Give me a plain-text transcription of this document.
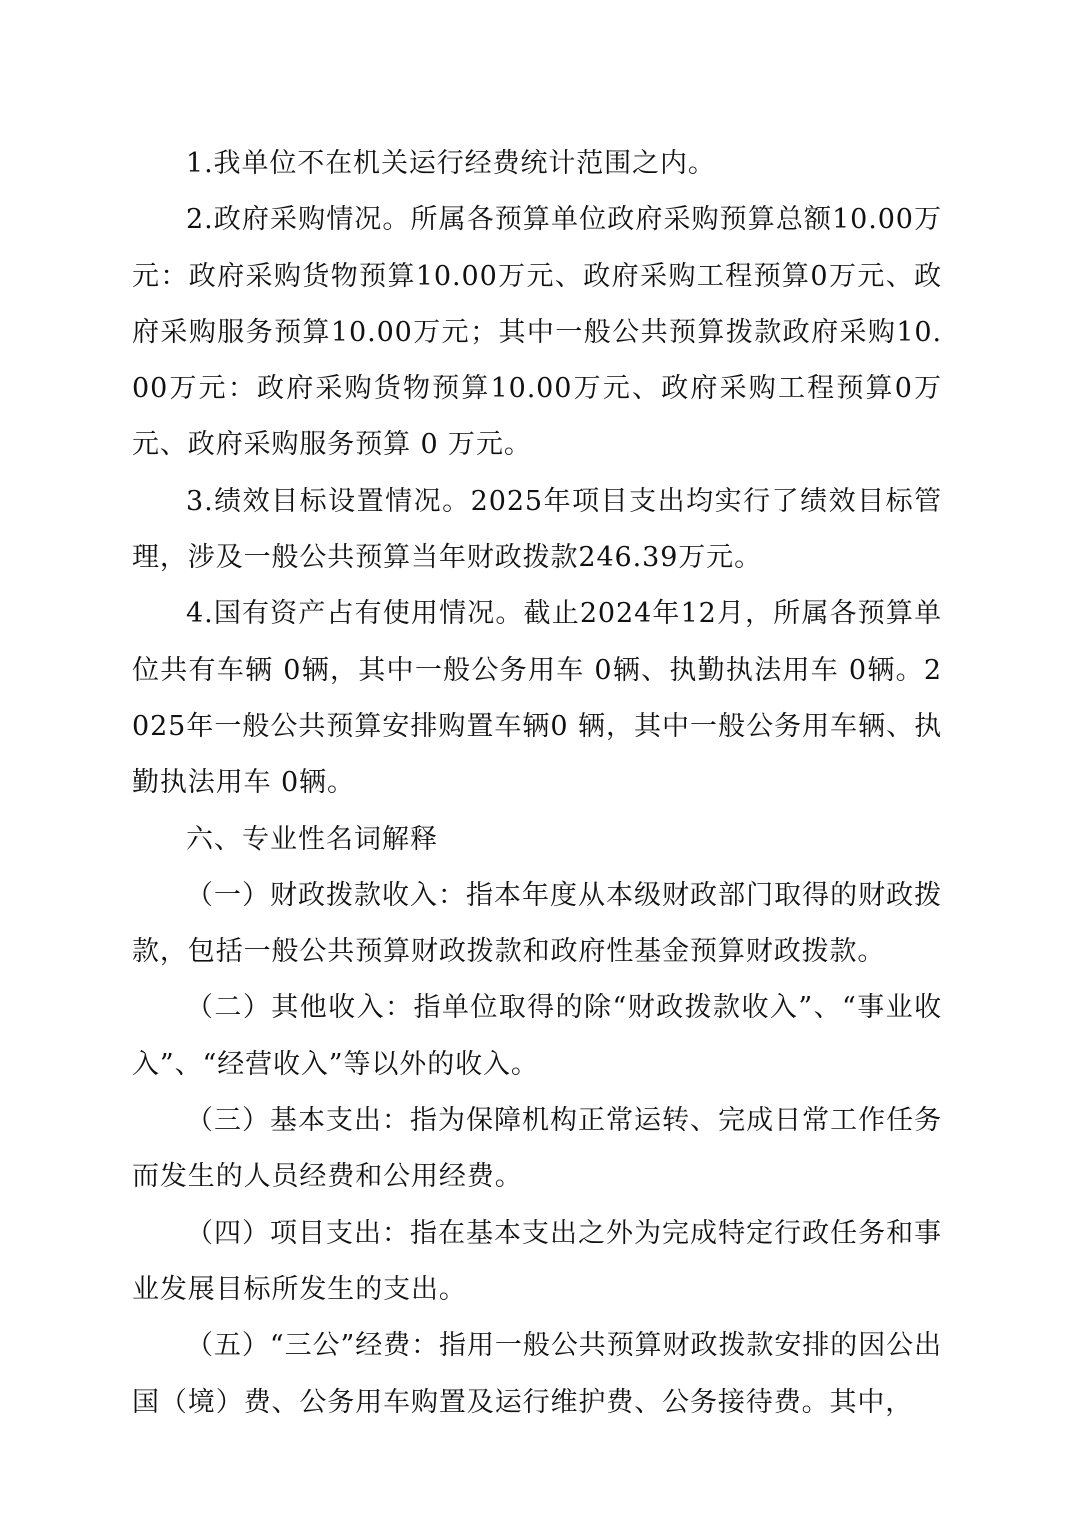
1.我单位不在机关运行经费统计范围之内。

2.政府采购情况。所属各预算单位政府采购预算总额10.00万元：政府采购货物预算10.00万元、政府采购工程预算0万元、政府采购服务预算10.00万元；其中一般公共预算拨款政府采购10.00万元：政府采购货物预算10.00万元、政府采购工程预算0万元、政府采购服务预算 0 万元。

3.绩效目标设置情况。2025年项目支出均实行了绩效目标管理，涉及一般公共预算当年财政拨款246.39万元。

4.国有资产占有使用情况。截止2024年12月，所属各预算单位共有车辆 0辆，其中一般公务用车 0辆、执勤执法用车 0辆。2025年一般公共预算安排购置车辆0 辆，其中一般公务用车辆、执勤执法用车 0辆。

六、专业性名词解释

（一）财政拨款收入：指本年度从本级财政部门取得的财政拨款，包括一般公共预算财政拨款和政府性基金预算财政拨款。

（二）其他收入：指单位取得的除“财政拨款收入”、“事业收入”、“经营收入”等以外的收入。

（三）基本支出：指为保障机构正常运转、完成日常工作任务而发生的人员经费和公用经费。

（四）项目支出：指在基本支出之外为完成特定行政任务和事业发展目标所发生的支出。

（五）“三公”经费：指用一般公共预算财政拨款安排的因公出国（境）费、公务用车购置及运行维护费、公务接待费。其中，
